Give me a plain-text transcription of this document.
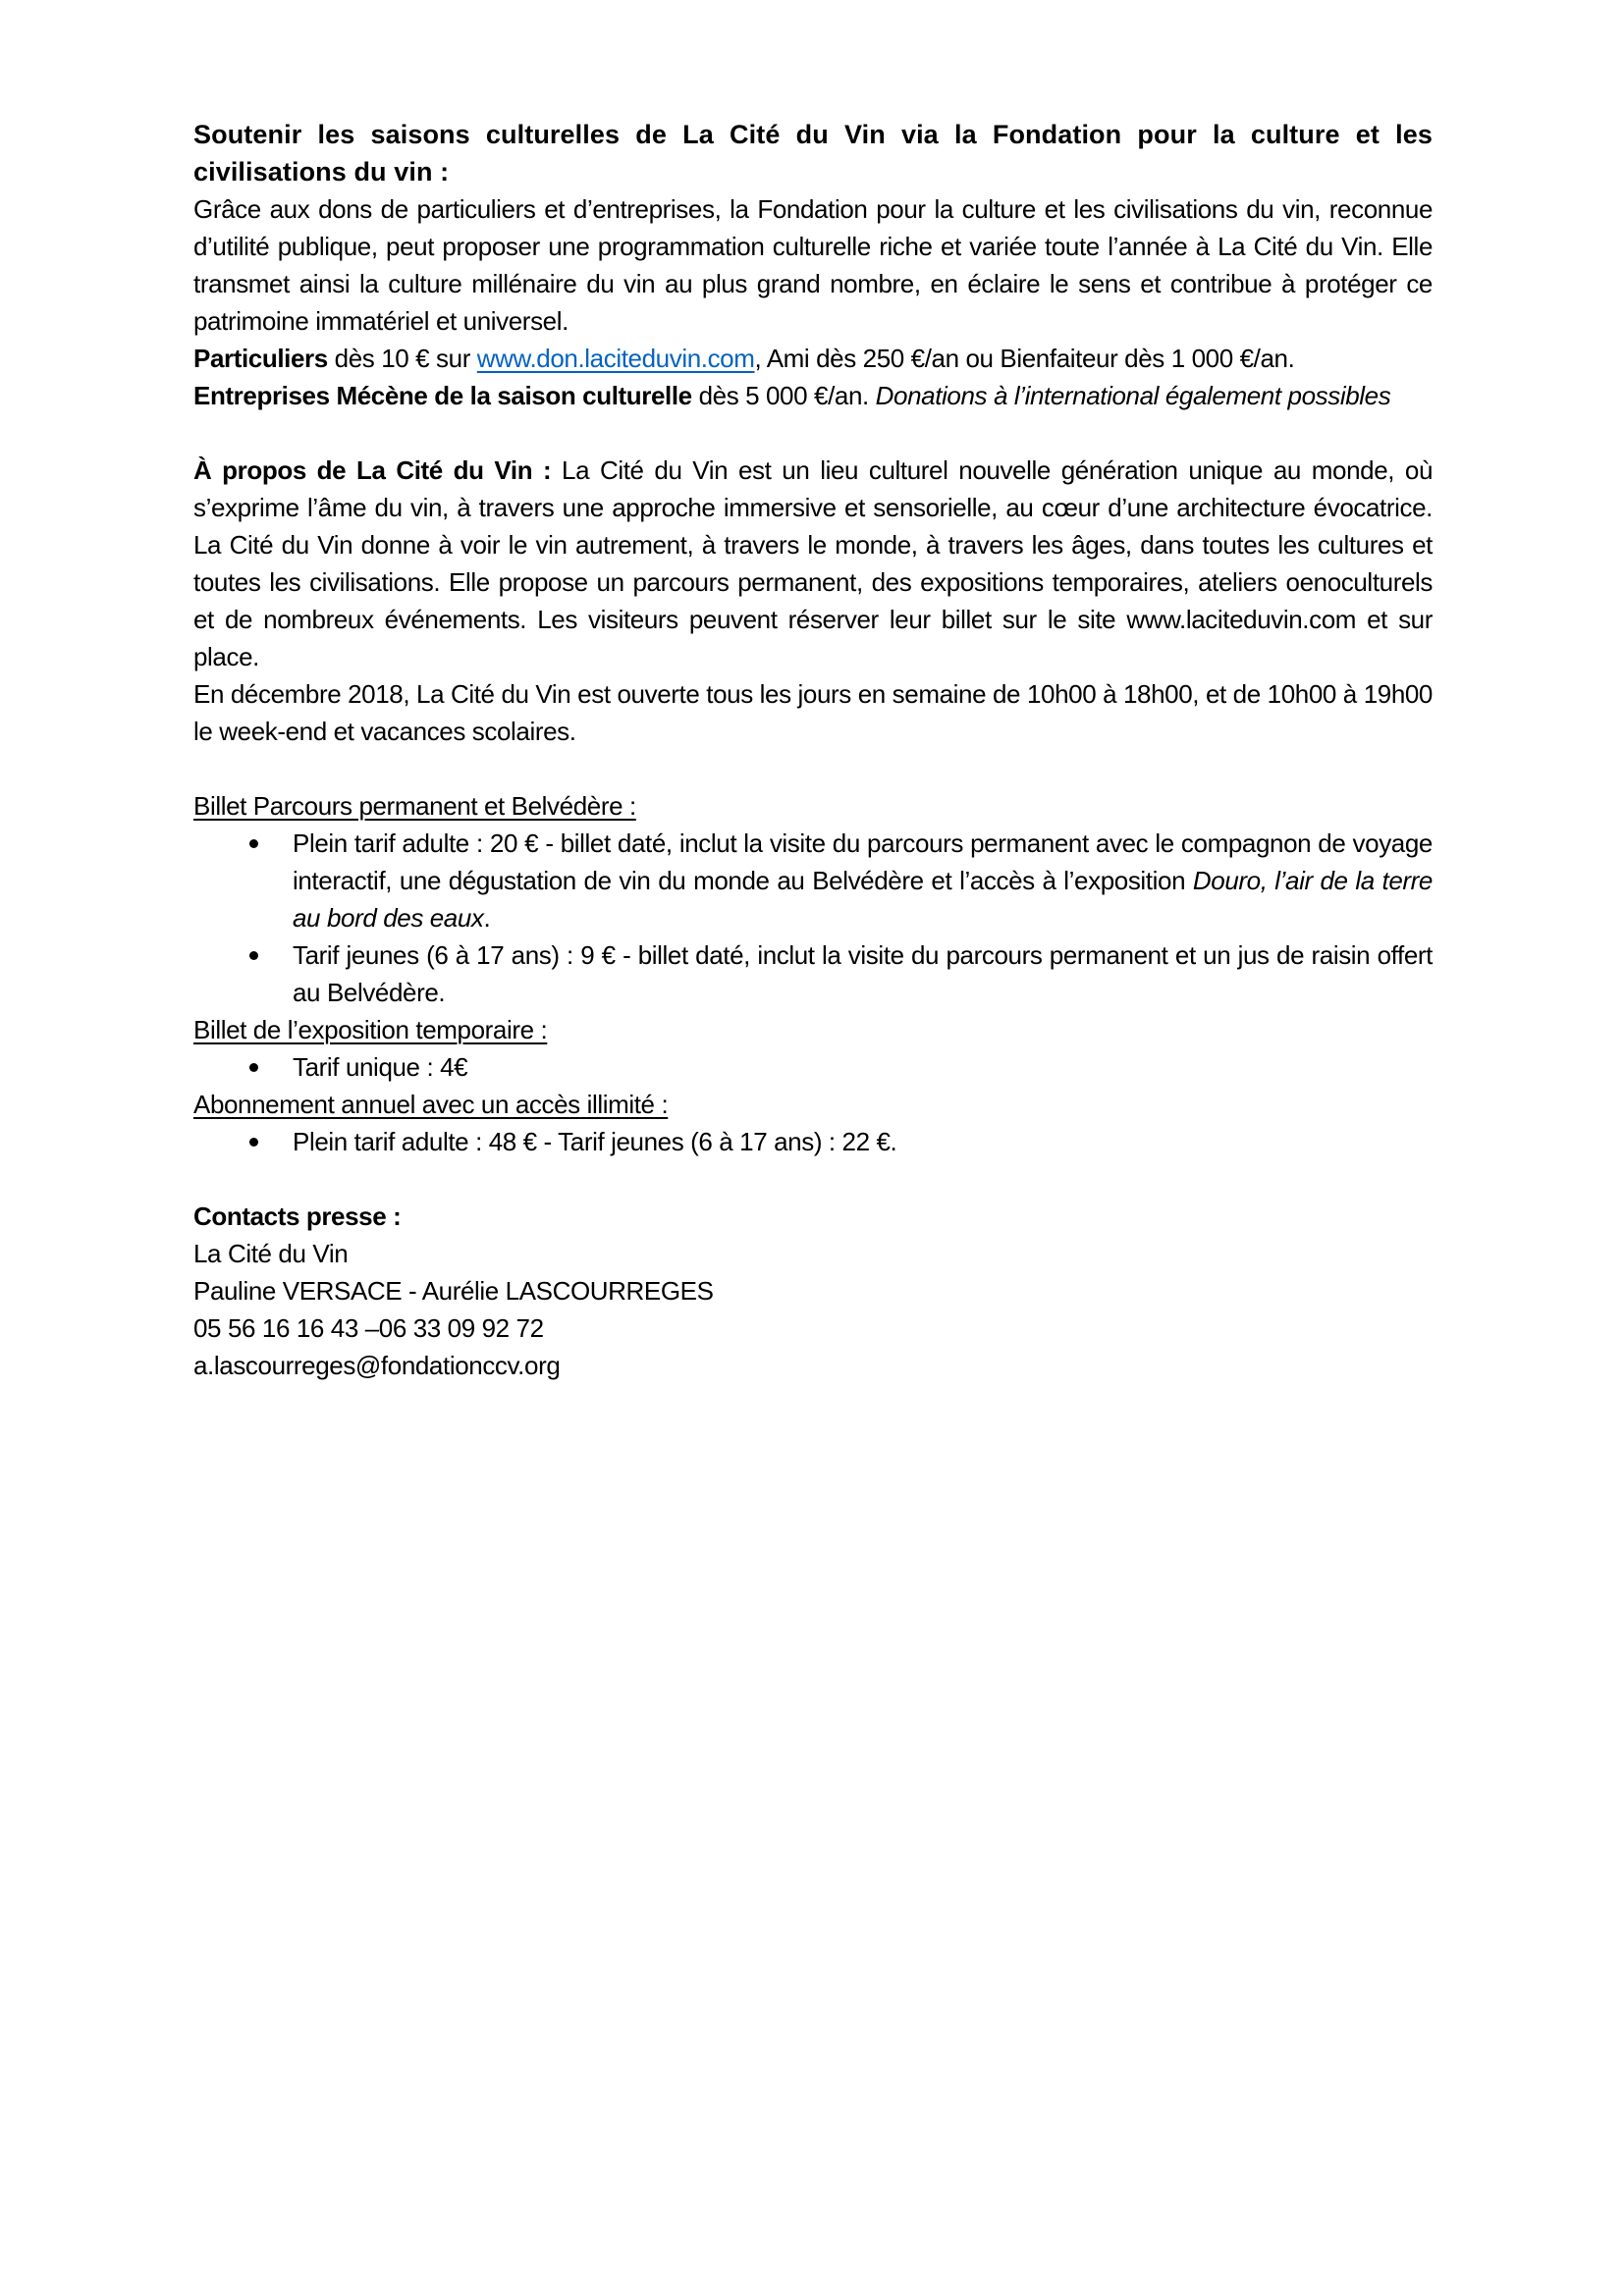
Soutenir les saisons culturelles de La Cité du Vin via la Fondation pour la culture et les civilisations du vin :

Grâce aux dons de particuliers et d’entreprises, la Fondation pour la culture et les civilisations du vin, reconnue d’utilité publique, peut proposer une programmation culturelle riche et variée toute l’année à La Cité du Vin. Elle transmet ainsi la culture millénaire du vin au plus grand nombre, en éclaire le sens et contribue à protéger ce patrimoine immatériel et universel.

Particuliers dès 10 € sur www.don.laciteduvin.com, Ami dès 250 €/an ou Bienfaiteur dès 1 000 €/an.

Entreprises Mécène de la saison culturelle dès 5 000 €/an. Donations à l’international également possibles

À propos de La Cité du Vin : La Cité du Vin est un lieu culturel nouvelle génération unique au monde, où s’exprime l’âme du vin, à travers une approche immersive et sensorielle, au cœur d’une architecture évocatrice. La Cité du Vin donne à voir le vin autrement, à travers le monde, à travers les âges, dans toutes les cultures et toutes les civilisations. Elle propose un parcours permanent, des expositions temporaires, ateliers oenoculturels et de nombreux événements. Les visiteurs peuvent réserver leur billet sur le site www.laciteduvin.com et sur place.

En décembre 2018, La Cité du Vin est ouverte tous les jours en semaine de 10h00 à 18h00, et de 10h00 à 19h00 le week-end et vacances scolaires.

Billet Parcours permanent et Belvédère :

Plein tarif adulte : 20 € - billet daté, inclut la visite du parcours permanent avec le compagnon de voyage interactif, une dégustation de vin du monde au Belvédère et l’accès à l’exposition Douro, l’air de la terre au bord des eaux.
Tarif jeunes (6 à 17 ans) : 9 € - billet daté, inclut la visite du parcours permanent et un jus de raisin offert au Belvédère.

Billet de l’exposition temporaire :

Tarif unique : 4€

Abonnement annuel avec un accès illimité :

Plein tarif adulte : 48 € - Tarif jeunes (6 à 17 ans) : 22 €.

Contacts presse :

La Cité du Vin

Pauline VERSACE - Aurélie LASCOURREGES

05 56 16 16 43 –06 33 09 92 72

a.lascourreges@fondationccv.org
